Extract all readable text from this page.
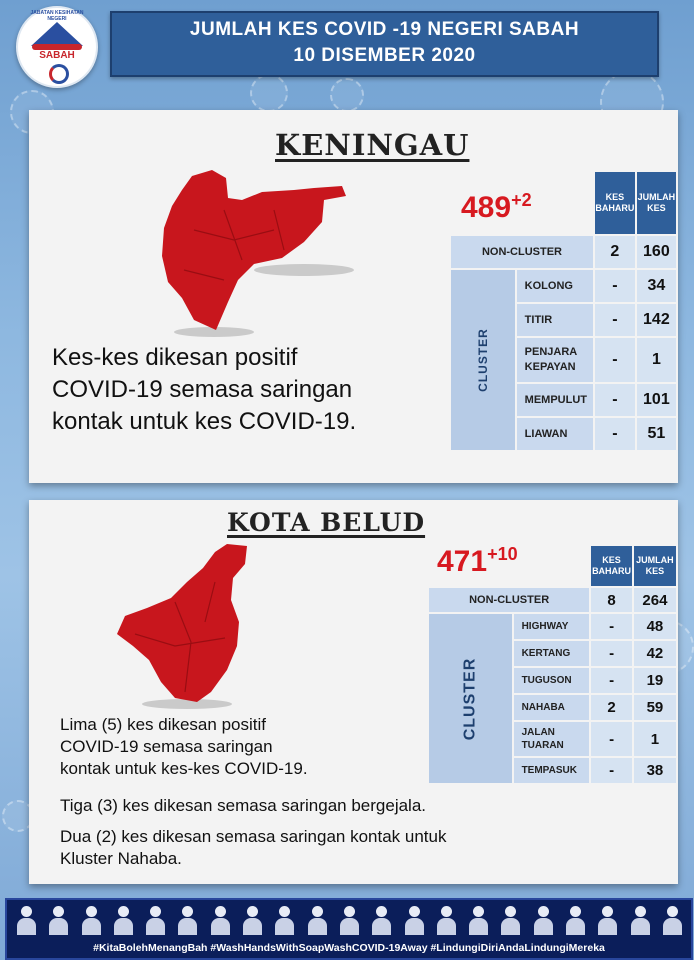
JABATAN KESIHATAN NEGERI
SABAH
JUMLAH KES COVID -19 NEGERI SABAH
10 DISEMBER 2020
KENINGAU
$489^{+2}$
		KES
BAHARU	JUMLAH
KES
NON-CLUSTER		2	160
CLUSTER	KOLONG	-	34
	TITIR	-	142
	PENJARA
KEPAYAN	-	1
	MEMPULUT	-	101
	LIAWAN	-	51
Kes-kes dikesan positif
COVID-19 semasa saringan
kontak untuk kes COVID-19.
KOTA BELUD
$471^{+10}$
		KES
BAHARU	JUMLAH
KES
NON-CLUSTER		8	264
CLUSTER	HIGHWAY	-	48
	KERTANG	-	42
	TUGUSON	-	19
	NAHABA	2	59
	JALAN
TUARAN	-	1
	TEMPASUK	-	38
Lima (5) kes dikesan positif
COVID-19 semasa saringan
kontak untuk kes-kes COVID-19.
Tiga (3) kes dikesan semasa saringan bergejala.
Dua (2) kes dikesan semasa saringan kontak untuk
Kluster Nahaba.
#KitaBolehMenangBah #WashHandsWithSoapWashCOVID-19Away #LindungiDiriAndaLindungiMereka
